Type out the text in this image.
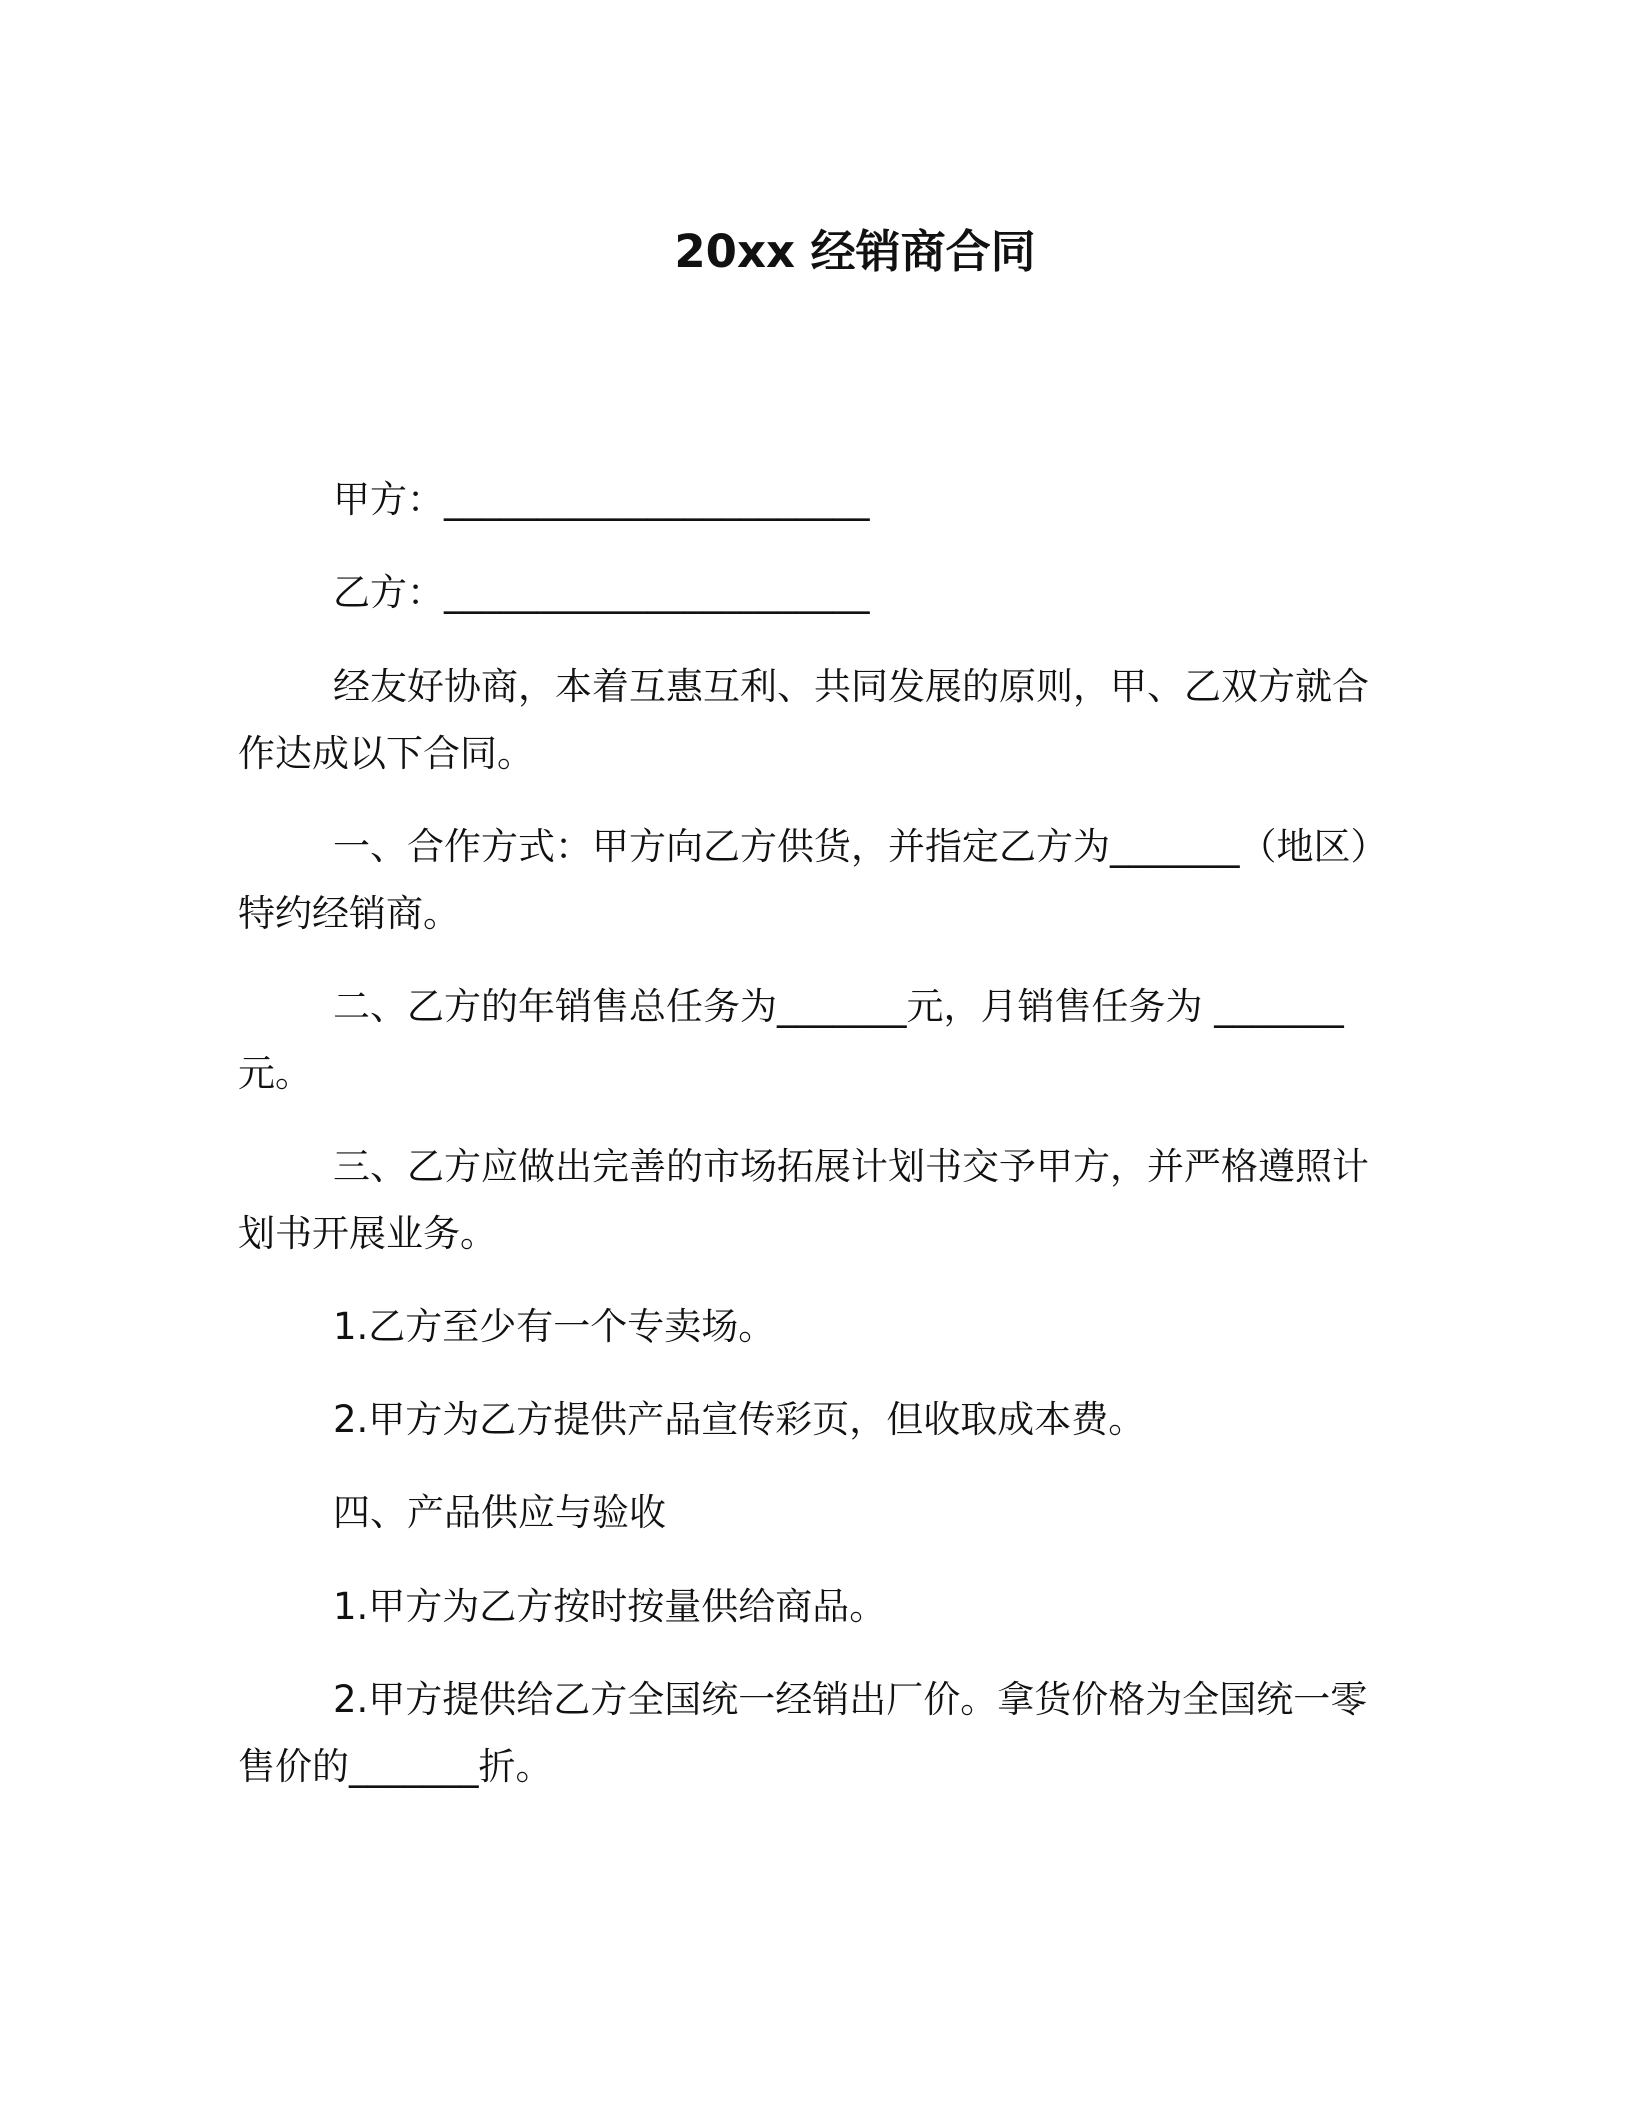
20xx 经销商合同
甲方：_______________________
乙方：_______________________
经友好协商，本着互惠互利、共同发展的原则，甲、乙双方就合
作达成以下合同。
一、合作方式：甲方向乙方供货，并指定乙方为_______（地区）
特约经销商。
二、乙方的年销售总任务为_______元，月销售任务为 _______
元。
三、乙方应做出完善的市场拓展计划书交予甲方，并严格遵照计
划书开展业务。
1.乙方至少有一个专卖场。
2.甲方为乙方提供产品宣传彩页，但收取成本费。
四、产品供应与验收
1.甲方为乙方按时按量供给商品。
2.甲方提供给乙方全国统一经销出厂价。拿货价格为全国统一零
售价的_______折。
